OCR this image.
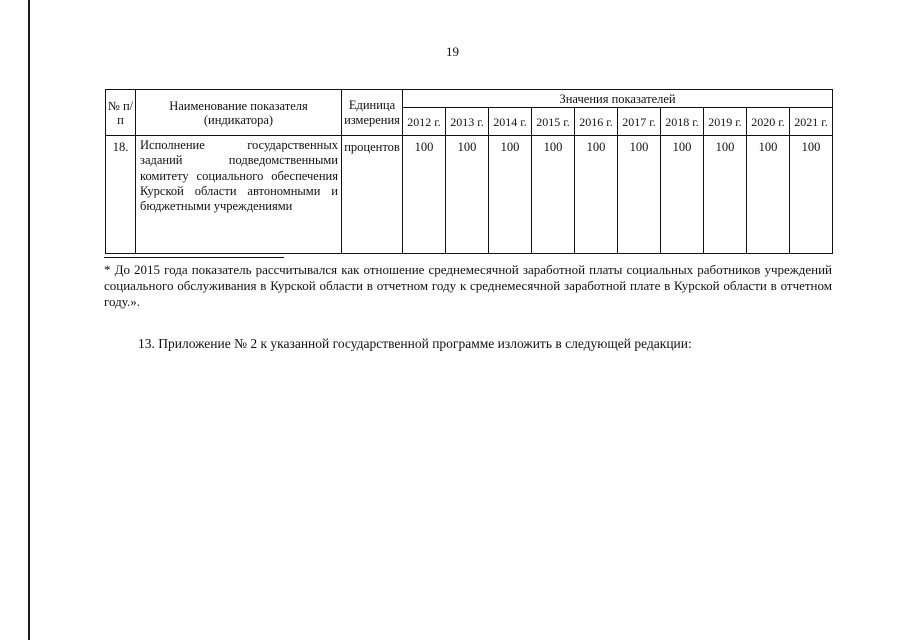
19
№ п/п	Наименование показателя (индикатора)	Единица измерения	Значения показателей									
			2012 г.	2013 г.	2014 г.	2015 г.	2016 г.	2017 г.	2018 г.	2019 г.	2020 г.	2021 г.
18.	Исполнение государственных заданий подведомственными комитету социального обеспечения Курской области автономными и бюджетными учреждениями	процентов	100	100	100	100	100	100	100	100	100	100
* До 2015 года показатель рассчитывался как отношение среднемесячной заработной платы социальных работников учреждений социального обслуживания в Курской области в отчетном году к среднемесячной заработной плате в Курской области в отчетном году.».
13. Приложение № 2 к указанной государственной программе изложить в следующей редакции:
